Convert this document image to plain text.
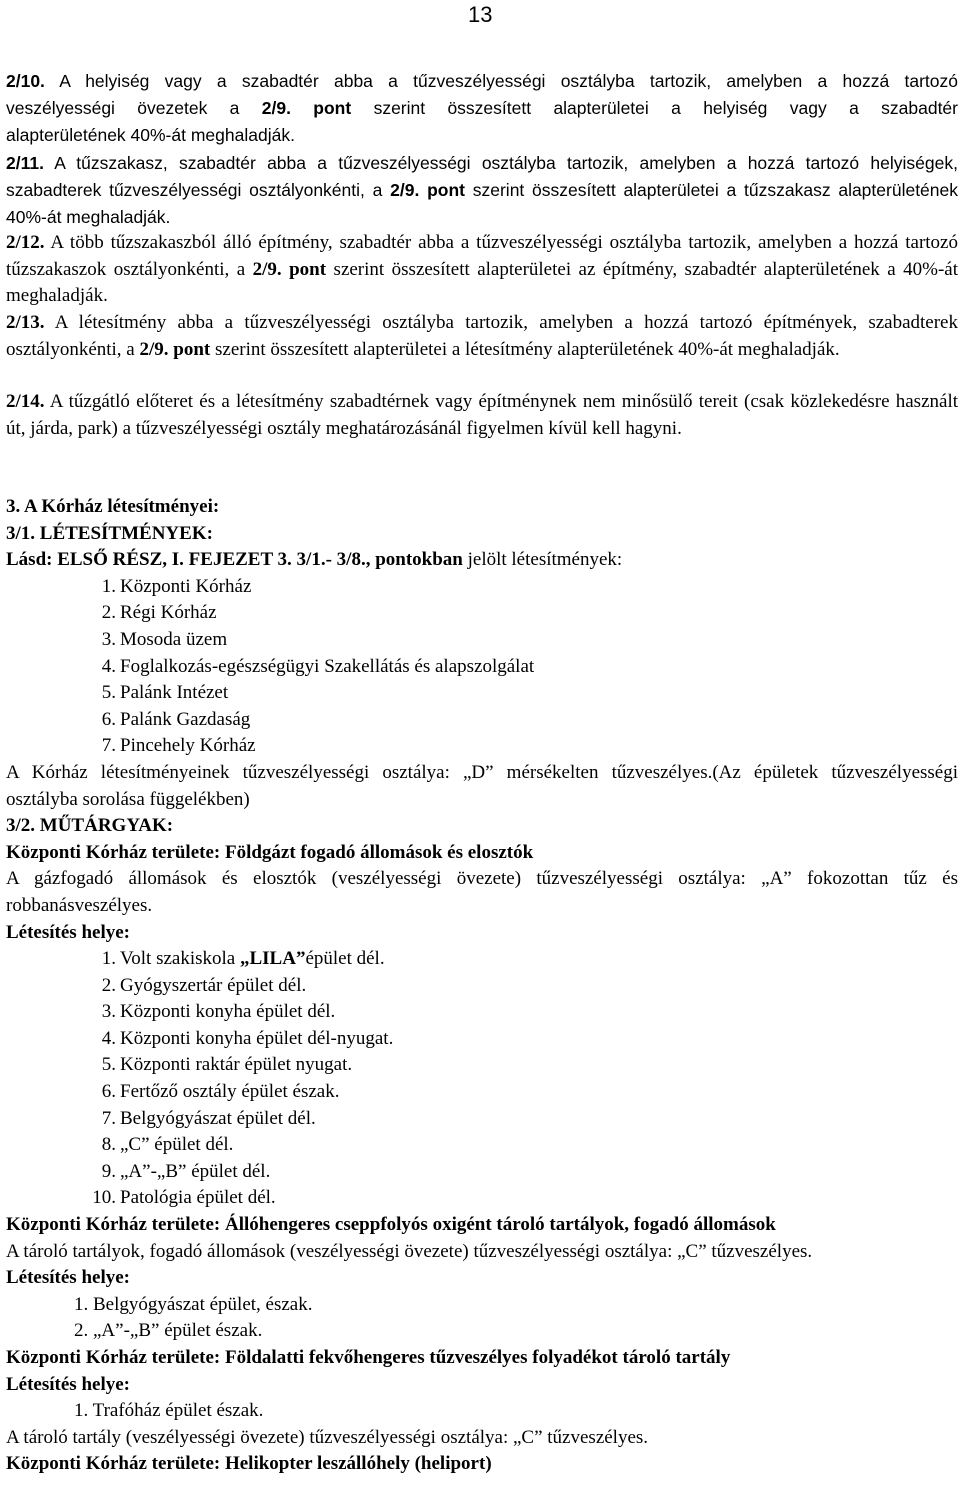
13

2/10. A helyiség vagy a szabadtér abba a tűzveszélyességi osztályba tartozik, amelyben a hozzá tartozó

veszélyességi övezetek a 2/9. pont szerint összesített alapterületei a helyiség vagy a szabadtér

alapterületének 40%-át meghaladják.

2/11. A tűzszakasz, szabadtér abba a tűzveszélyességi osztályba tartozik, amelyben a hozzá tartozó helyiségek, szabadterek tűzveszélyességi osztályonkénti, a 2/9. pont szerint összesített alapterületei a tűzszakasz alapterületének 40%-át meghaladják.
2/12. A több tűzszakaszból álló építmény, szabadtér abba a tűzveszélyességi osztályba tartozik, amelyben a hozzá tartozó tűzszakaszok osztályonkénti, a 2/9. pont szerint összesített alapterületei az építmény, szabadtér alapterületének a 40%-át meghaladják.
2/13. A létesítmény abba a tűzveszélyességi osztályba tartozik, amelyben a hozzá tartozó építmények, szabadterek osztályonkénti, a 2/9. pont szerint összesített alapterületei a létesítmény alapterületének 40%-át meghaladják.
2/14. A tűzgátló előteret és a létesítmény szabadtérnek vagy építménynek nem minősülő tereit (csak közlekedésre használt út, járda, park) a tűzveszélyességi osztály meghatározásánál figyelmen kívül kell hagyni.

3. A Kórház létesítményei:

3/1. LÉTESÍTMÉNYEK:

Lásd: ELSŐ RÉSZ, I. FEJEZET 3. 3/1.- 3/8., pontokban jelölt létesítmények:

1. Központi Kórház
2. Régi Kórház
3. Mosoda üzem
4. Foglalkozás-egészségügyi Szakellátás és alapszolgálat
5. Palánk Intézet
6. Palánk Gazdaság
7. Pincehely Kórház

A Kórház létesítményeinek tűzveszélyességi osztálya: „D” mérsékelten tűzveszélyes.(Az épületek tűzveszélyességi osztályba sorolása függelékben)

3/2. MŰTÁRGYAK:

Központi Kórház területe: Földgázt fogadó állomások és elosztók

A gázfogadó állomások és elosztók (veszélyességi övezete) tűzveszélyességi osztálya: „A” fokozottan tűz és robbanásveszélyes.

Létesítés helye:

1. Volt szakiskola „LILA”épület dél.
2. Gyógyszertár épület dél.
3. Központi konyha épület dél.
4. Központi konyha épület dél-nyugat.
5. Központi raktár épület nyugat.
6. Fertőző osztály épület észak.
7. Belgyógyászat épület dél.
8. „C” épület dél.
9. „A”-„B” épület dél.
10. Patológia épület dél.

Központi Kórház területe: Állóhengeres cseppfolyós oxigént tároló tartályok, fogadó állomások

A tároló tartályok, fogadó állomások (veszélyességi övezete) tűzveszélyességi osztálya: „C” tűzveszélyes.

Létesítés helye:

1. Belgyógyászat épület, észak.
2. „A”-„B” épület észak.

Központi Kórház területe: Földalatti fekvőhengeres tűzveszélyes folyadékot tároló tartály

Létesítés helye:

1. Trafóház épület észak.

A tároló tartály (veszélyességi övezete) tűzveszélyességi osztálya: „C” tűzveszélyes.

Központi Kórház területe: Helikopter leszállóhely (heliport)
